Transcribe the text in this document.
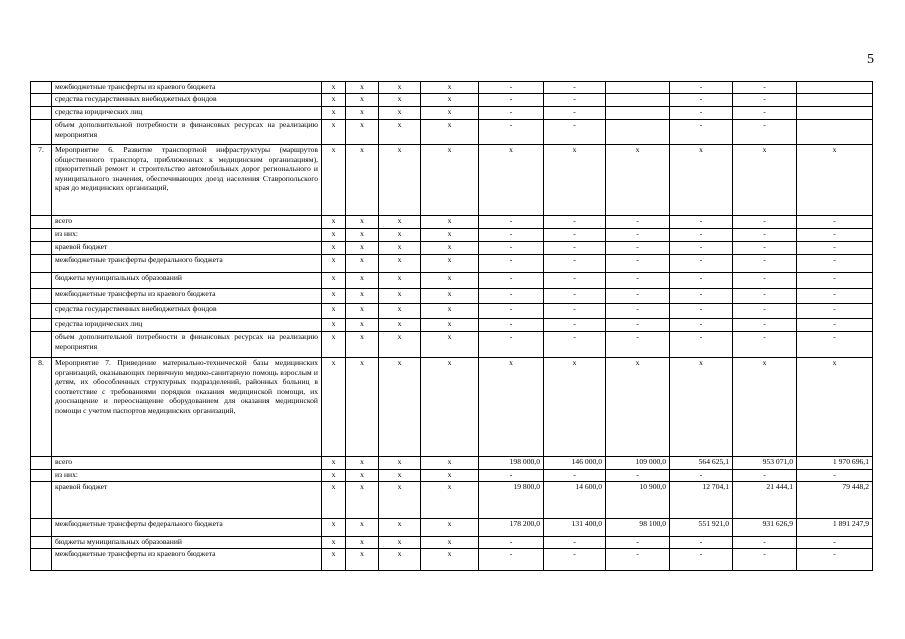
5
	межбюджетные трансферты из краевого бюджета	x	x	x	x	-	-		-	-	
	средства государственных внебюджетных фондов	x	x	x	x	-	-		-	-	
	средства юридических лиц	x	x	x	x	-	-		-	-	
	объем дополнительной потребности в финансовых ресурсах на реализацию мероприятия	x	x	x	x	-	-		-	-	
7.	Мероприятие 6. Развитие транспортной инфраструктуры (маршрутов общественного транспорта, приближенных к медицинским организациям), приоритетный ремонт и строительство автомобильных дорог регионального и муниципального значения, обеспечивающих доезд населения Ставропольского края до медицинских организаций,	x	x	x	x	x	x	x	x	x	x
	всего	x	x	x	x	-	-	-	-	-	-
	из них:	x	x	x	x	-	-	-	-	-	-
	краевой бюджет	x	x	x	x	-	-	-	-	-	-
	межбюджетные трансферты федерального бюджета	x	x	x	x	-	-	-	-	-	-
	бюджеты муниципальных образований	x	x	x	x	-	-	-	-	-	-
	межбюджетные трансферты из краевого бюджета	x	x	x	x	-	-	-	-	-	-
	средства государственных внебюджетных фондов	x	x	x	x	-	-	-	-	-	-
	средства юридических лиц	x	x	x	x	-	-	-	-	-	-
	объем дополнительной потребности в финансовых ресурсах на реализацию мероприятия	x	x	x	x	-	-	-	-	-	-
8.	Мероприятие 7. Приведение материально-технической базы медицинских организаций, оказывающих первичную медико-санитарную помощь взрослым и детям, их обособленных структурных подразделений, районных больниц в соответствие с требованиями порядков оказания медицинской помощи, их дооснащение и переоснащение оборудованием для оказания медицинской помощи с учетом паспортов медицинских организаций,	x	x	x	x	x	x	x	x	x	x
	всего	x	x	x	x	198 000,0	146 000,0	109 000,0	564 625,1	953 071,0	1 970 696,1
	из них:	x	x	x	x	-	-	-	-	-	-
	краевой бюджет	x	x	x	x	19 800,0	14 600,0	10 900,0	12 704,1	21 444,1	79 448,2
	межбюджетные трансферты федерального бюджета	x	x	x	x	178 200,0	131 400,0	98 100,0	551 921,0	931 626,9	1 891 247,9
	бюджеты муниципальных образований	x	x	x	x	-	-	-	-	-	-
	межбюджетные трансферты из краевого бюджета	x	x	x	x	-	-	-	-	-	-
